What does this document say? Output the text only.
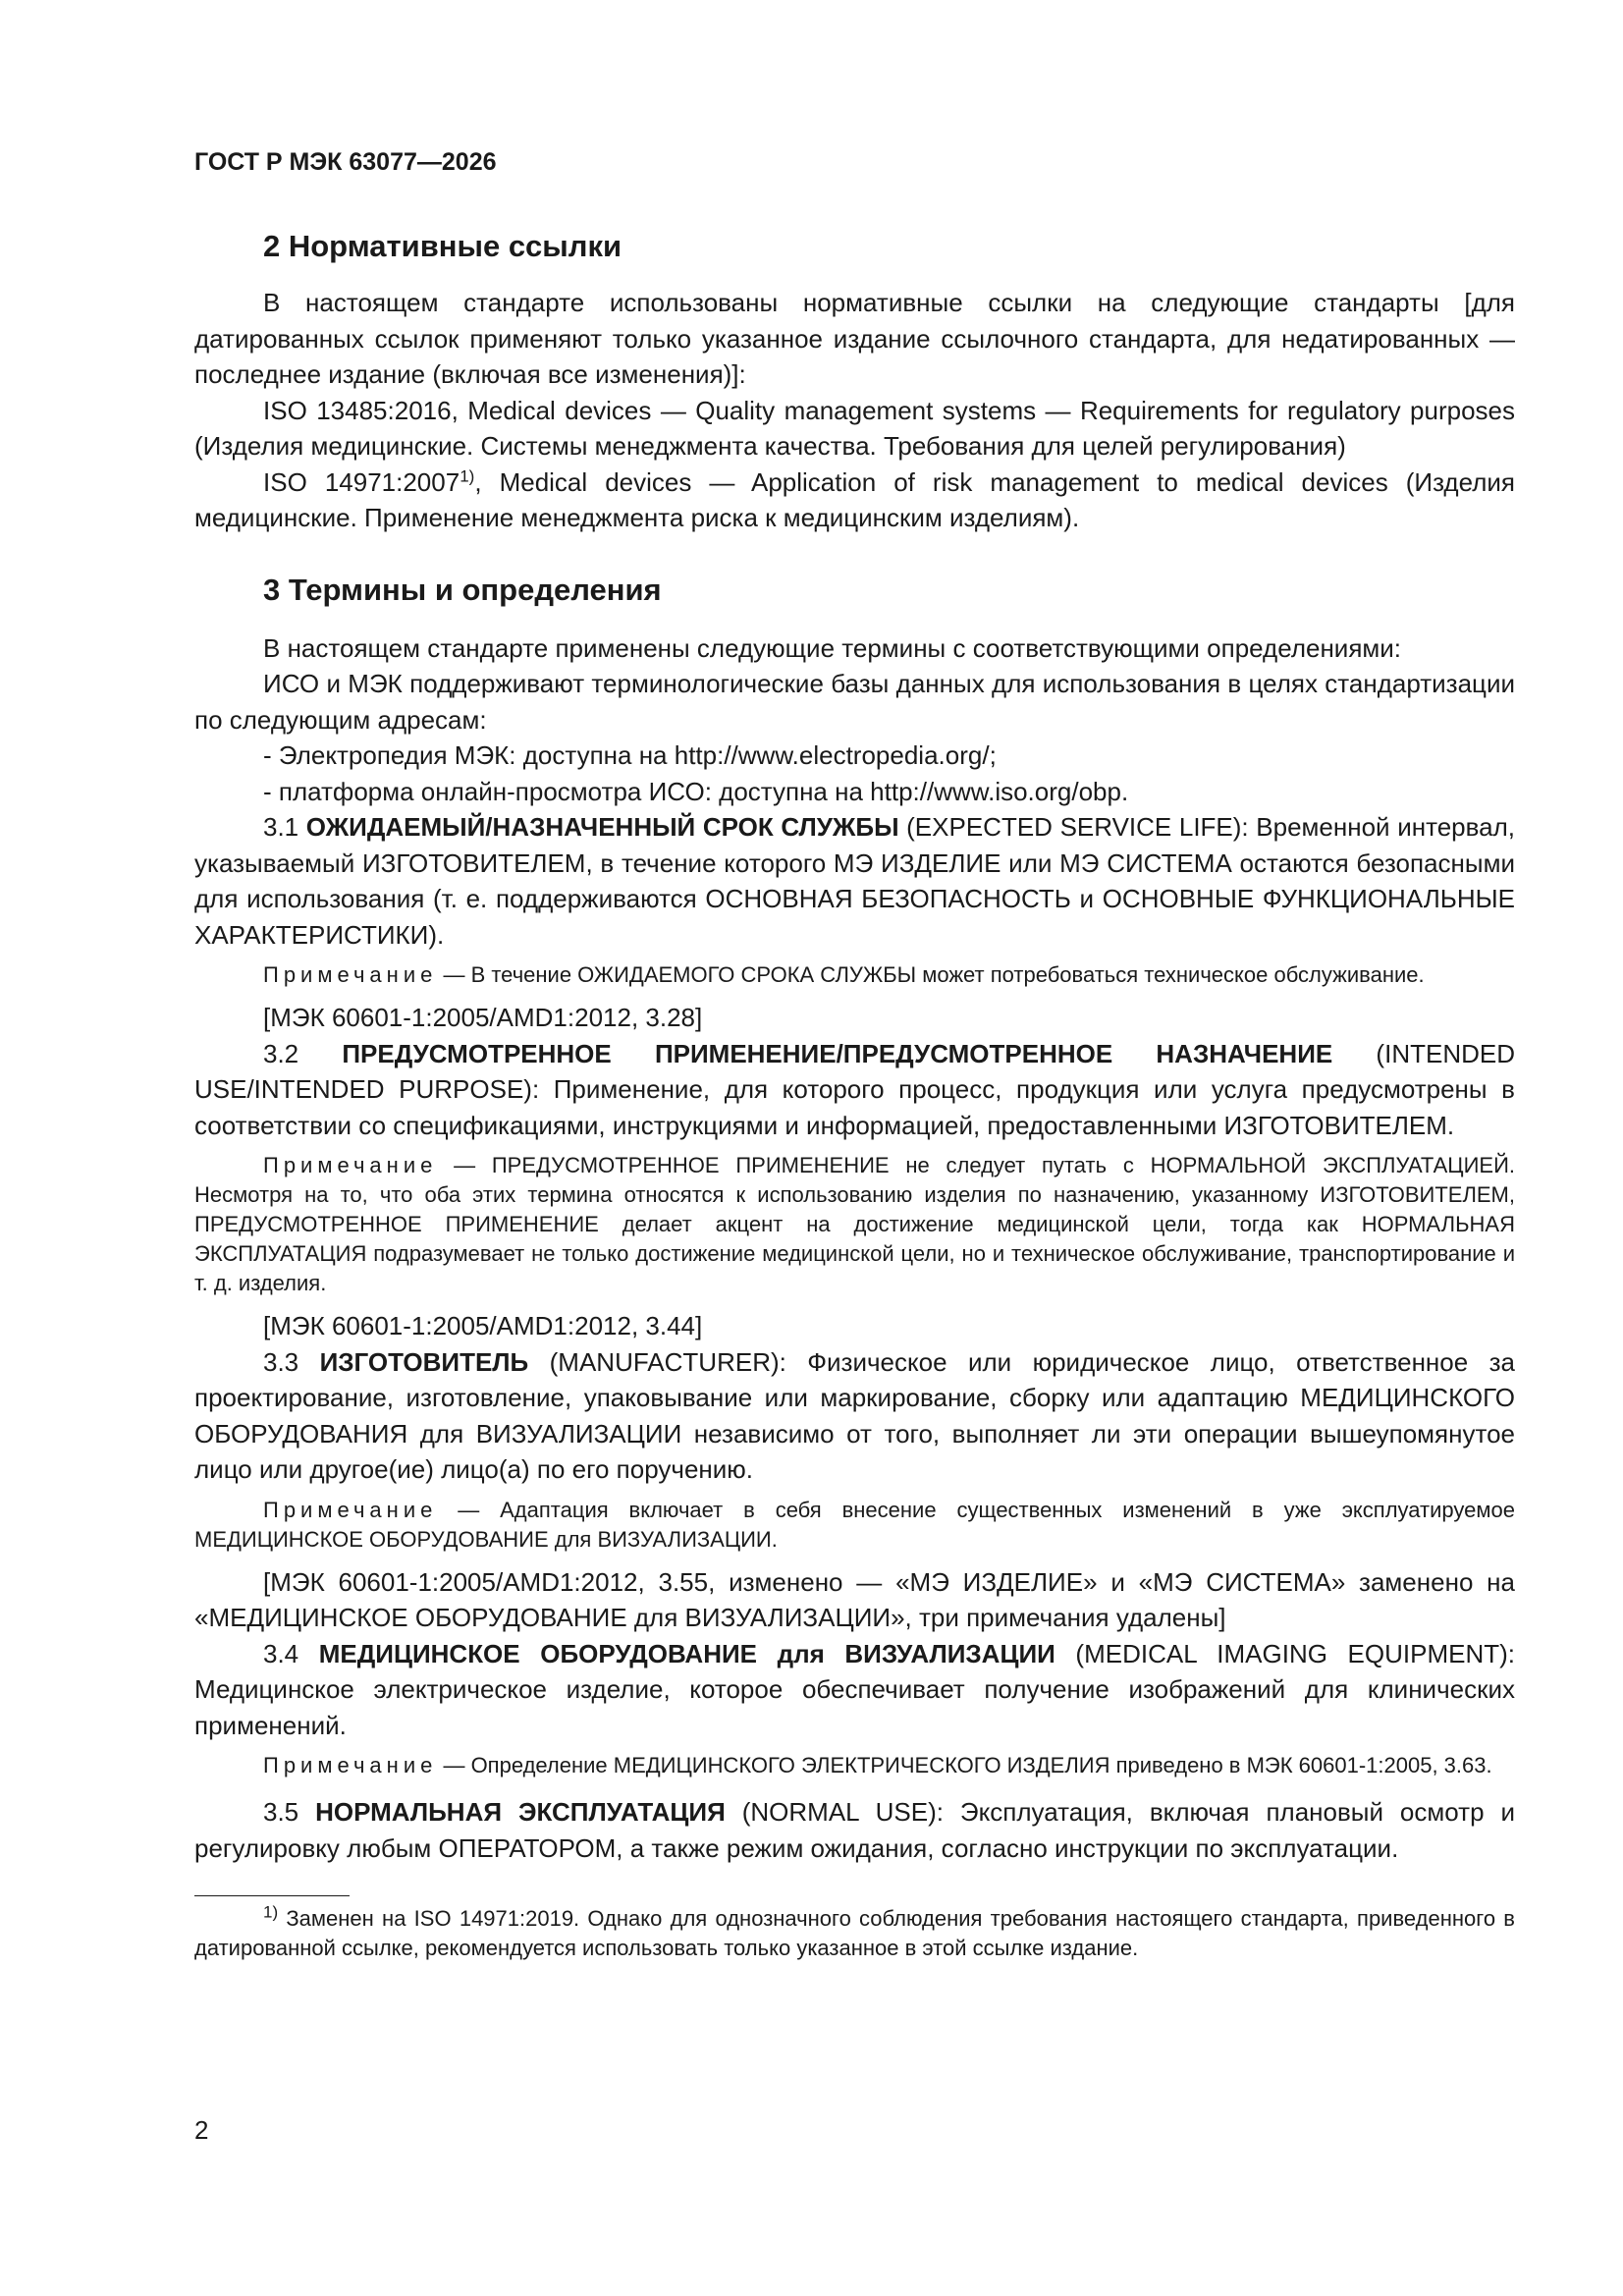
ГОСТ Р МЭК 63077—2026
2 Нормативные ссылки

В настоящем стандарте использованы нормативные ссылки на следующие стандарты [для датированных ссылок применяют только указанное издание ссылочного стандарта, для недатированных — последнее издание (включая все изменения)]:

ISO 13485:2016, Medical devices — Quality management systems — Requirements for regulatory purposes (Изделия медицинские. Системы менеджмента качества. Требования для целей регулирования)

ISO 14971:2007$^{1)}$, Medical devices — Application of risk management to medical devices (Изделия медицинские. Применение менеджмента риска к медицинским изделиям).

3 Термины и определения

В настоящем стандарте применены следующие термины с соответствующими определениями:

ИСО и МЭК поддерживают терминологические базы данных для использования в целях стандартизации по следующим адресам:

- Электропедия МЭК: доступна на http://www.electropedia.org/;
- платформа онлайн-просмотра ИСО: доступна на http://www.iso.org/obp.

3.1 ОЖИДАЕМЫЙ/НАЗНАЧЕННЫЙ СРОК СЛУЖБЫ (EXPECTED SERVICE LIFE): Временной интервал, указываемый ИЗГОТОВИТЕЛЕМ, в течение которого МЭ ИЗДЕЛИЕ или МЭ СИСТЕМА остаются безопасными для использования (т. е. поддерживаются ОСНОВНАЯ БЕЗОПАСНОСТЬ и ОСНОВНЫЕ ФУНКЦИОНАЛЬНЫЕ ХАРАКТЕРИСТИКИ).

Примечание — В течение ОЖИДАЕМОГО СРОКА СЛУЖБЫ может потребоваться техническое обслуживание.

[МЭК 60601-1:2005/AMD1:2012, 3.28]

3.2 ПРЕДУСМОТРЕННОЕ ПРИМЕНЕНИЕ/ПРЕДУСМОТРЕННОЕ НАЗНАЧЕНИЕ (INTENDED USE/INTENDED PURPOSE): Применение, для которого процесс, продукция или услуга предусмотрены в соответствии со спецификациями, инструкциями и информацией, предоставленными ИЗГОТОВИТЕЛЕМ.

Примечание — ПРЕДУСМОТРЕННОЕ ПРИМЕНЕНИЕ не следует путать с НОРМАЛЬНОЙ ЭКСПЛУАТАЦИЕЙ. Несмотря на то, что оба этих термина относятся к использованию изделия по назначению, указанному ИЗГОТОВИТЕЛЕМ, ПРЕДУСМОТРЕННОЕ ПРИМЕНЕНИЕ делает акцент на достижение медицинской цели, тогда как НОРМАЛЬНАЯ ЭКСПЛУАТАЦИЯ подразумевает не только достижение медицинской цели, но и техническое обслуживание, транспортирование и т. д. изделия.

[МЭК 60601-1:2005/AMD1:2012, 3.44]

3.3 ИЗГОТОВИТЕЛЬ (MANUFACTURER): Физическое или юридическое лицо, ответственное за проектирование, изготовление, упаковывание или маркирование, сборку или адаптацию МЕДИЦИНСКОГО ОБОРУДОВАНИЯ для ВИЗУАЛИЗАЦИИ независимо от того, выполняет ли эти операции вышеупомянутое лицо или другое(ие) лицо(а) по его поручению.

Примечание — Адаптация включает в себя внесение существенных изменений в уже эксплуатируемое МЕДИЦИНСКОЕ ОБОРУДОВАНИЕ для ВИЗУАЛИЗАЦИИ.

[МЭК 60601-1:2005/AMD1:2012, 3.55, изменено — «МЭ ИЗДЕЛИЕ» и «МЭ СИСТЕМА» заменено на «МЕДИЦИНСКОЕ ОБОРУДОВАНИЕ для ВИЗУАЛИЗАЦИИ», три примечания удалены]

3.4 МЕДИЦИНСКОЕ ОБОРУДОВАНИЕ для ВИЗУАЛИЗАЦИИ (MEDICAL IMAGING EQUIPMENT): Медицинское электрическое изделие, которое обеспечивает получение изображений для клинических применений.

Примечание — Определение МЕДИЦИНСКОГО ЭЛЕКТРИЧЕСКОГО ИЗДЕЛИЯ приведено в МЭК 60601-1:2005, 3.63.

3.5 НОРМАЛЬНАЯ ЭКСПЛУАТАЦИЯ (NORMAL USE): Эксплуатация, включая плановый осмотр и регулировку любым ОПЕРАТОРОМ, а также режим ожидания, согласно инструкции по эксплуатации.

$^{1)}$ Заменен на ISO 14971:2019. Однако для однозначного соблюдения требования настоящего стандарта, приведенного в датированной ссылке, рекомендуется использовать только указанное в этой ссылке издание.

2
